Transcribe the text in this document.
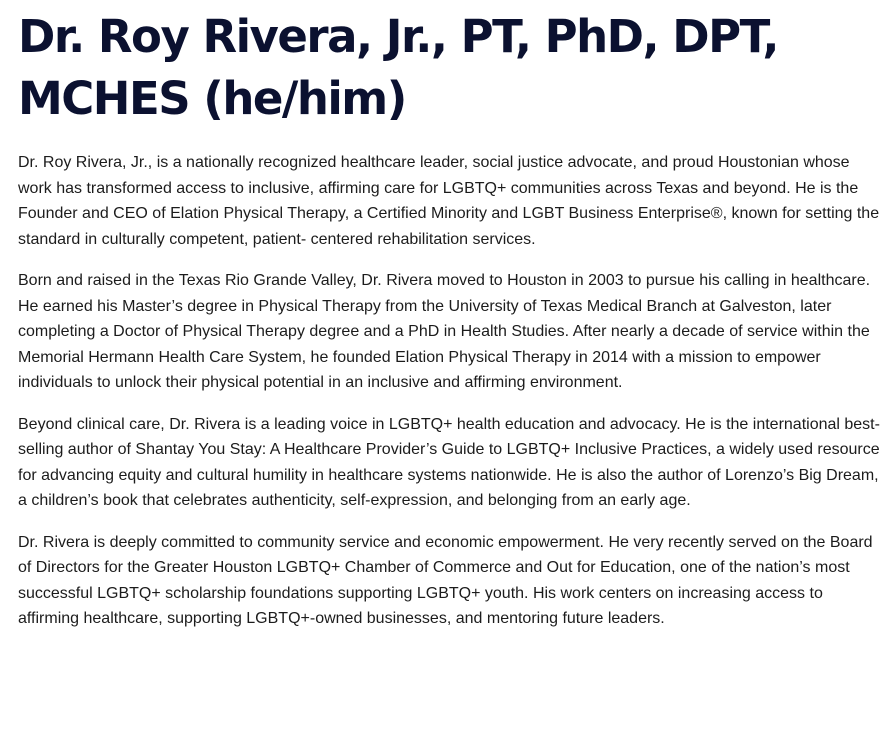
Dr. Roy Rivera, Jr., PT, PhD, DPT, MCHES (he/him)

Dr. Roy Rivera, Jr., is a nationally recognized healthcare leader, social justice advocate, and proud Houstonian whose work has transformed access to inclusive, affirming care for LGBTQ+ communities across Texas and beyond. He is the Founder and CEO of Elation Physical Therapy, a Certified Minority and LGBT Business Enterprise®, known for setting the standard in culturally competent, patient- centered rehabilitation services.

Born and raised in the Texas Rio Grande Valley, Dr. Rivera moved to Houston in 2003 to pursue his calling in healthcare. He earned his Master’s degree in Physical Therapy from the University of Texas Medical Branch at Galveston, later completing a Doctor of Physical Therapy degree and a PhD in Health Studies. After nearly a decade of service within the Memorial Hermann Health Care System, he founded Elation Physical Therapy in 2014 with a mission to empower individuals to unlock their physical potential in an inclusive and affirming environment.

Beyond clinical care, Dr. Rivera is a leading voice in LGBTQ+ health education and advocacy. He is the international best-selling author of Shantay You Stay: A Healthcare Provider’s Guide to LGBTQ+ Inclusive Practices, a widely used resource for advancing equity and cultural humility in healthcare systems nationwide. He is also the author of Lorenzo’s Big Dream, a children’s book that celebrates authenticity, self-expression, and belonging from an early age.

Dr. Rivera is deeply committed to community service and economic empowerment. He very recently served on the Board of Directors for the Greater Houston LGBTQ+ Chamber of Commerce and Out for Education, one of the nation’s most successful LGBTQ+ scholarship foundations supporting LGBTQ+ youth. His work centers on increasing access to affirming healthcare, supporting LGBTQ+-owned businesses, and mentoring future leaders.
